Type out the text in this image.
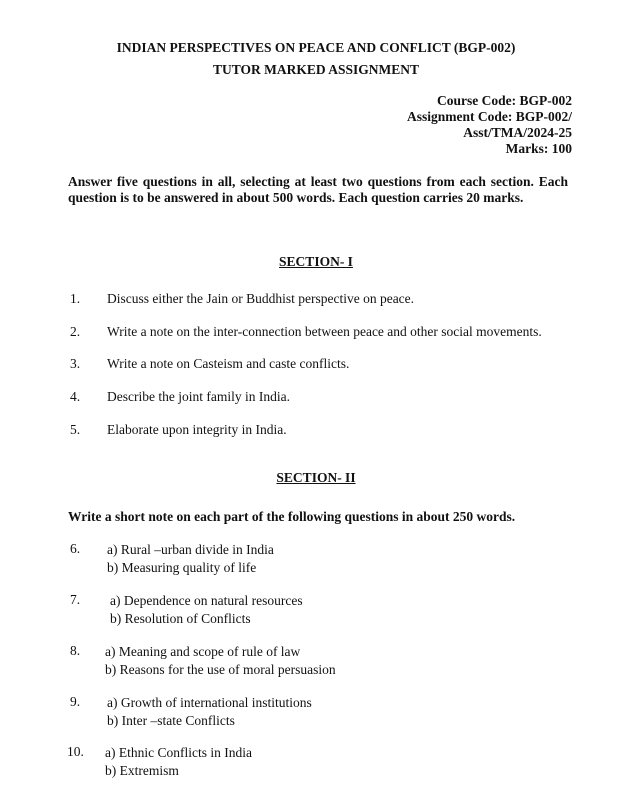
INDIAN PERSPECTIVES ON PEACE AND CONFLICT (BGP-002)
TUTOR MARKED ASSIGNMENT
Course Code: BGP-002
Assignment Code: BGP-002/
Asst/TMA/2024-25
Marks: 100
Answer five questions in all, selecting at least two questions from each section. Each question is to be answered in about 500 words. Each question carries 20 marks.
SECTION- I
1. Discuss either the Jain or Buddhist perspective on peace.
2. Write a note on the inter-connection between peace and other social movements.
3. Write a note on Casteism and caste conflicts.
4. Describe the joint family in India.
5. Elaborate upon integrity in India.
SECTION- II
Write a short note on each part of the following questions in about 250 words.
6. a) Rural –urban divide in India
b) Measuring quality of life
7. a) Dependence on natural resources
b) Resolution of Conflicts
8. a) Meaning and scope of rule of law
b) Reasons for the use of moral persuasion
9. a) Growth of international institutions
b) Inter –state Conflicts
10. a) Ethnic Conflicts in India
b) Extremism
